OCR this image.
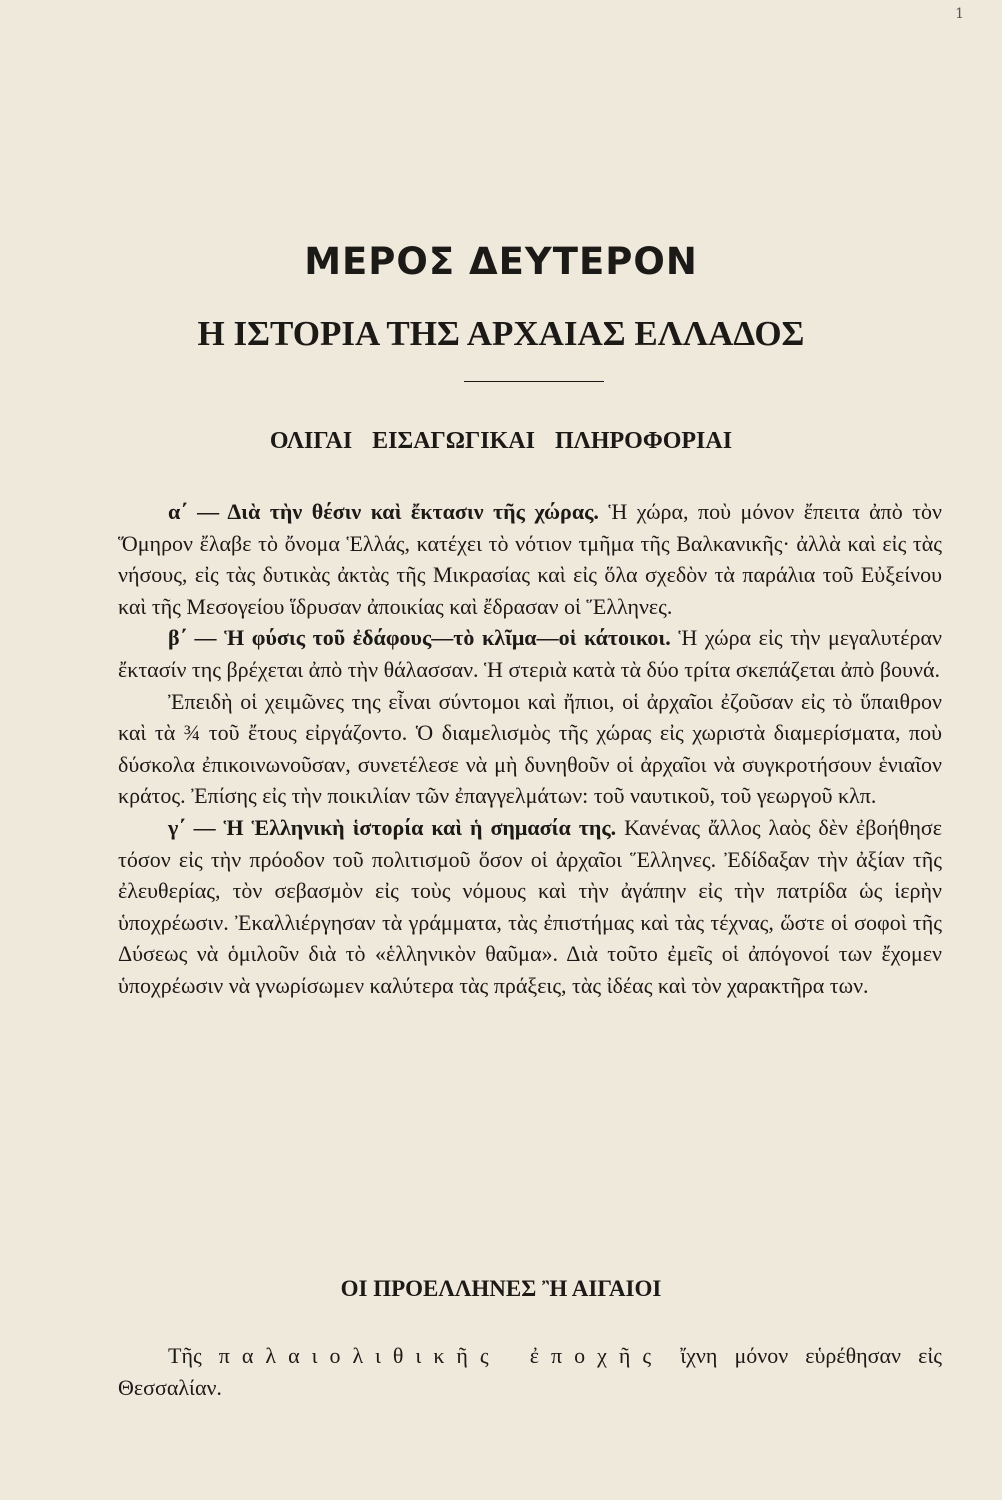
1
ΜΕΡΟΣ ΔΕΥΤΕΡΟΝ
Η ΙΣΤΟΡΙΑ ΤΗΣ ΑΡΧΑΙΑΣ ΕΛΛΑΔΟΣ
ΟΛΙΓΑΙ ΕΙΣΑΓΩΓΙΚΑΙ ΠΛΗΡΟΦΟΡΙΑΙ

α΄ — Διὰ τὴν θέσιν καὶ ἔκτασιν τῆς χώρας. Ἡ χώρα, ποὺ μόνον ἔπειτα ἀπὸ τὸν Ὅμηρον ἔλαβε τὸ ὄνομα Ἑλλάς, κατέχει τὸ νότιον τμῆμα τῆς Βαλκανικῆς· ἀλλὰ καὶ εἰς τὰς νήσους, εἰς τὰς δυτικὰς ἀκτὰς τῆς Μικρασίας καὶ εἰς ὅλα σχεδὸν τὰ παράλια τοῦ Εὐξείνου καὶ τῆς Μεσογείου ἵδρυσαν ἀποικίας καὶ ἔδρασαν οἱ Ἕλληνες.

β΄ — Ἡ φύσις τοῦ ἐδάφους—τὸ κλῖμα—οἱ κάτοικοι. Ἡ χώρα εἰς τὴν μεγαλυτέραν ἔκτασίν της βρέχεται ἀπὸ τὴν θάλασσαν. Ἡ στεριὰ κατὰ τὰ δύο τρίτα σκεπάζεται ἀπὸ βουνά.

Ἐπειδὴ οἱ χειμῶνες της εἶναι σύντομοι καὶ ἤπιοι, οἱ ἀρχαῖοι ἐζοῦσαν εἰς τὸ ὕπαιθρον καὶ τὰ ¾ τοῦ ἔτους εἰργάζοντο. Ὁ διαμελισμὸς τῆς χώρας εἰς χωριστὰ διαμερίσματα, ποὺ δύσκολα ἐπικοινωνοῦσαν, συνετέλεσε νὰ μὴ δυνηθοῦν οἱ ἀρχαῖοι νὰ συγκροτήσουν ἑνιαῖον κράτος. Ἐπίσης εἰς τὴν ποικιλίαν τῶν ἐπαγγελμάτων: τοῦ ναυτικοῦ, τοῦ γεωργοῦ κλπ.

γ΄ — Ἡ Ἑλληνικὴ ἱστορία καὶ ἡ σημασία της. Κανένας ἄλλος λαὸς δὲν ἐβοήθησε τόσον εἰς τὴν πρόοδον τοῦ πολιτισμοῦ ὅσον οἱ ἀρχαῖοι Ἕλληνες. Ἐδίδαξαν τὴν ἀξίαν τῆς ἐλευθερίας, τὸν σεβασμὸν εἰς τοὺς νόμους καὶ τὴν ἀγάπην εἰς τὴν πατρίδα ὡς ἱερὴν ὑποχρέωσιν. Ἐκαλλιέργησαν τὰ γράμματα, τὰς ἐπιστήμας καὶ τὰς τέχνας, ὥστε οἱ σοφοὶ τῆς Δύσεως νὰ ὁμιλοῦν διὰ τὸ «ἑλληνικὸν θαῦμα». Διὰ τοῦτο ἐμεῖς οἱ ἀπόγονοί των ἔχομεν ὑποχρέωσιν νὰ γνωρίσωμεν καλύτερα τὰς πράξεις, τὰς ἰδέας καὶ τὸν χαρακτῆρα των.

ΟΙ ΠΡΟΕΛΛΗΝΕΣ Ἢ ΑΙΓΑΙΟΙ

Τῆς παλαιολιθικῆς ἐποχῆς ἴχνη μόνον εὑρέθησαν εἰς Θεσσαλίαν.
